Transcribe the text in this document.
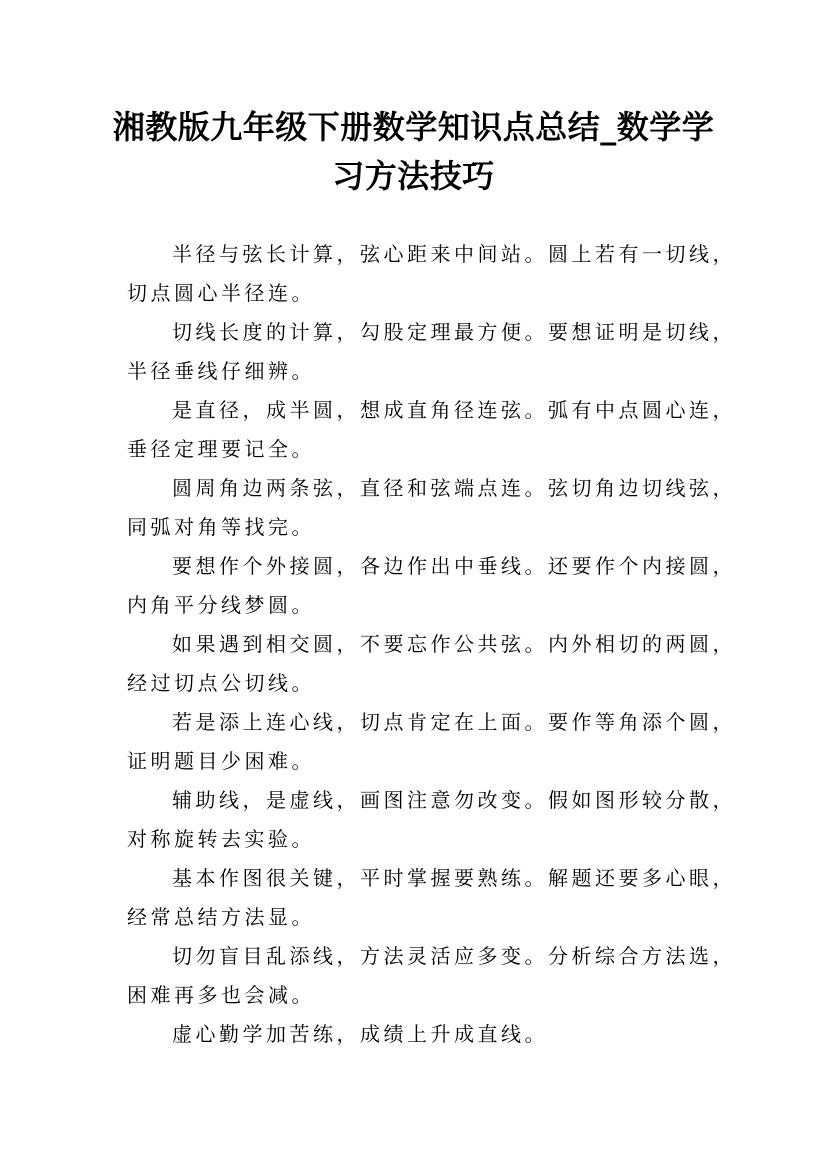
湘教版九年级下册数学知识点总结_数学学
习方法技巧
半径与弦长计算，弦心距来中间站。圆上若有一切线，
切点圆心半径连。
切线长度的计算，勾股定理最方便。要想证明是切线，
半径垂线仔细辨。
是直径，成半圆，想成直角径连弦。弧有中点圆心连，
垂径定理要记全。
圆周角边两条弦，直径和弦端点连。弦切角边切线弦，
同弧对角等找完。
要想作个外接圆，各边作出中垂线。还要作个内接圆，
内角平分线梦圆。
如果遇到相交圆，不要忘作公共弦。内外相切的两圆，
经过切点公切线。
若是添上连心线，切点肯定在上面。要作等角添个圆，
证明题目少困难。
辅助线，是虚线，画图注意勿改变。假如图形较分散，
对称旋转去实验。
基本作图很关键，平时掌握要熟练。解题还要多心眼，
经常总结方法显。
切勿盲目乱添线，方法灵活应多变。分析综合方法选，
困难再多也会减。
虚心勤学加苦练，成绩上升成直线。
